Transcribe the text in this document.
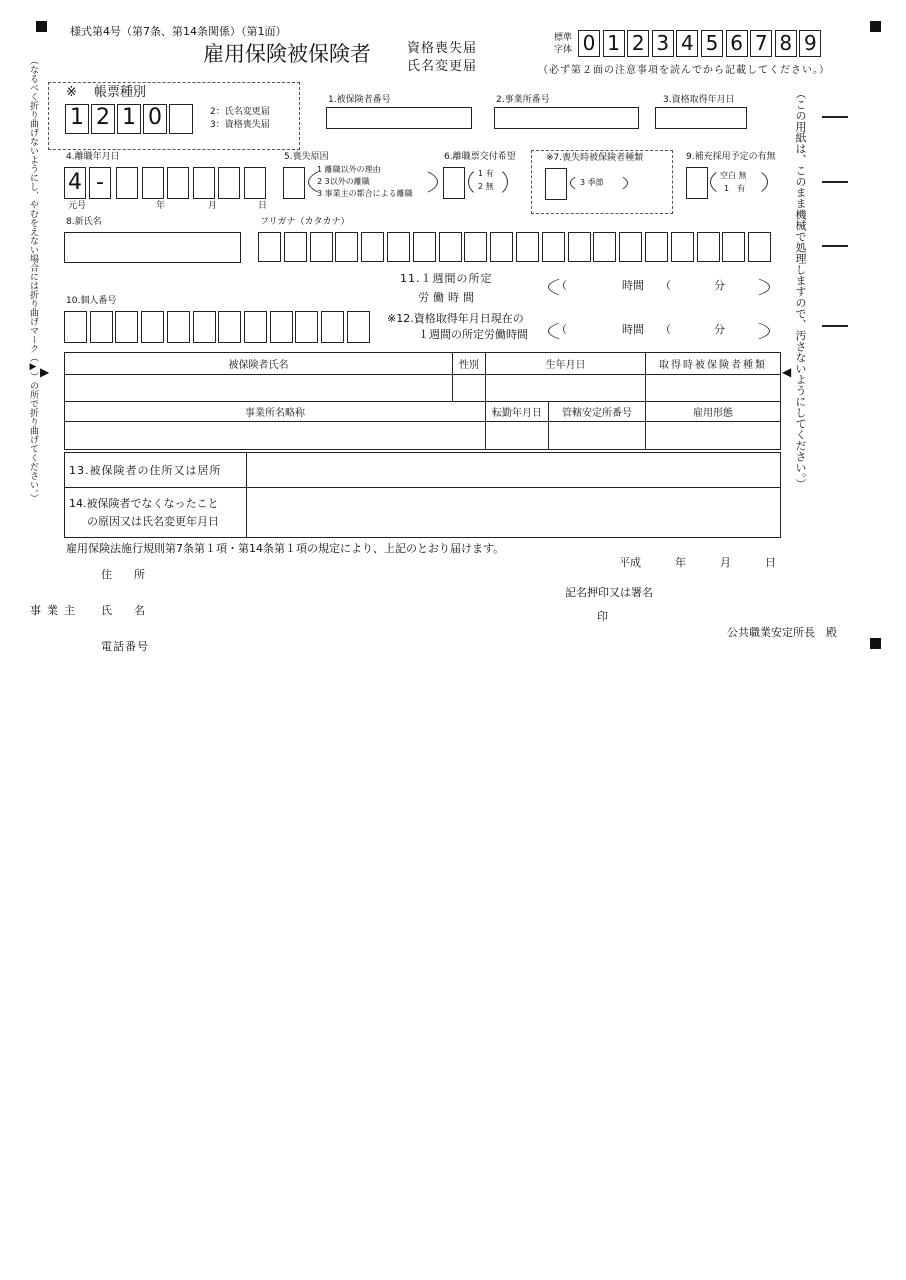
（なるべく折り曲げないようにし、やむをえない場合には折り曲げマーク（▶）の所で折り曲げてください。）	（この用紙は、このまま機械で処理しますので、汚さないようにしてください。）
▶	◀
様式第4号（第7条、第14条関係）（第1面）
雇用保険被保険者	資格喪失届
氏名変更届
標準
字体 0 1 2 3 4 5 6 7 8 9
（必ず第２面の注意事項を読んでから記載してください。）
※ 帳票種別
1 2 1 0	2：氏名変更届
3：資格喪失届
1.被保険者番号	2.事業所番号	3.資格取得年月日
4.離職年月日
4 -
元号	年	月	日
5.喪失原因
1 離職以外の理由
2 3以外の離職
3 事業主の都合による離職
6.離職票交付希望
1 有
2 無
※7.喪失時被保険者種類
3 季節
9.補充採用予定の有無
空白 無
1　有
8.新氏名	フリガナ（カタカナ）
11.１週間の所定
労働時間
（	時間 （	分
10.個人番号
※12.資格取得年月日現在の
１週間の所定労働時間	（	時間 （	分
被保険者氏名	性別	生年月日		取得時被保険者種類

事業所名略称		転勤年月日	管轄安定所番号	雇用形態

13.被保険者の住所又は居所	
14.被保険者でなくなったこと
の原因又は氏名変更年月日	
雇用保険法施行規則第7条第１項・第14条第１項の規定により、上記のとおり届けます。
平成	年	月	日
住　　所
事業主 氏　　名
電話番号
記名押印又は署名
印
公共職業安定所長　殿
